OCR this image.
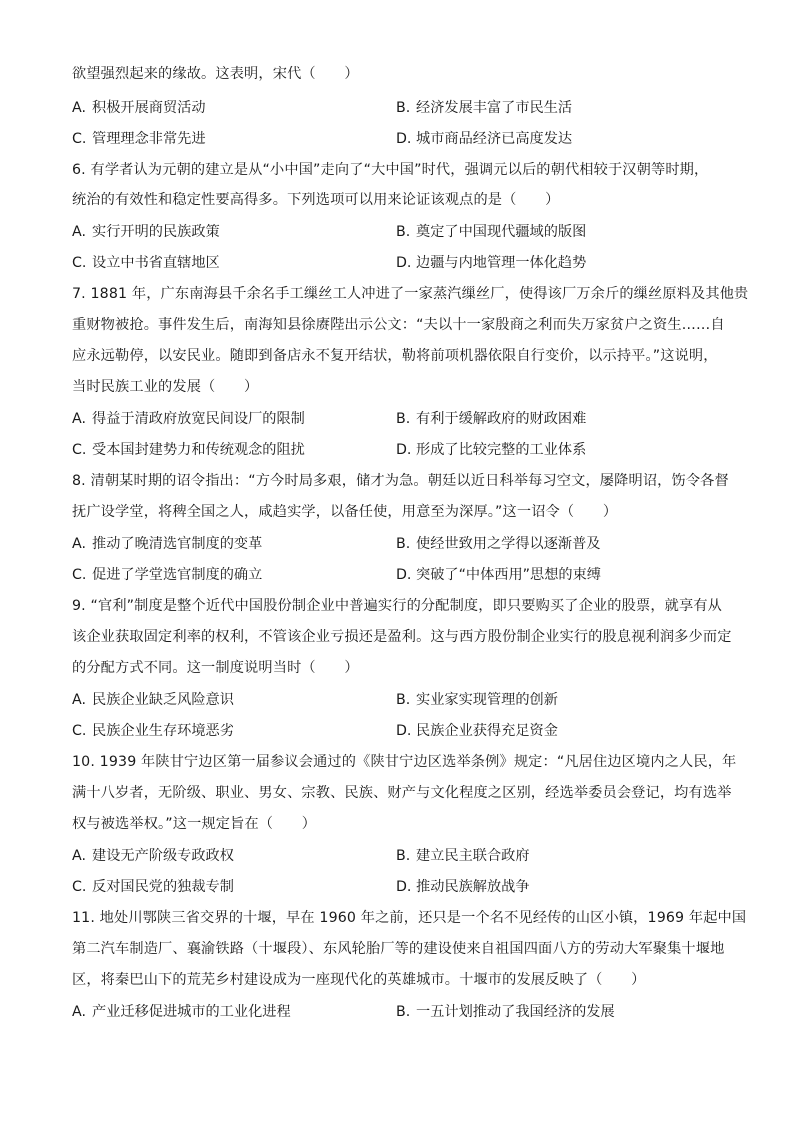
欲望强烈起来的缘故。这表明，宋代（　　）
A. 积极开展商贸活动	B. 经济发展丰富了市民生活
C. 管理理念非常先进	D. 城市商品经济已高度发达
6. 有学者认为元朝的建立是从“小中国”走向了“大中国”时代，强调元以后的朝代相较于汉朝等时期，
统治的有效性和稳定性要高得多。下列选项可以用来论证该观点的是（　　）
A. 实行开明的民族政策	B. 奠定了中国现代疆域的版图
C. 设立中书省直辖地区	D. 边疆与内地管理一体化趋势
7. 1881 年，广东南海县千余名手工缫丝工人冲进了一家蒸汽缫丝厂，使得该厂万余斤的缫丝原料及其他贵
重财物被抢。事件发生后，南海知县徐赓陛出示公文：“夫以十一家殷商之利而失万家贫户之资生……自
应永远勒停，以安民业。随即到备店永不复开结状，勒将前项机器依限自行变价，以示持平。”这说明，
当时民族工业的发展（　　）
A. 得益于清政府放宽民间设厂的限制	B. 有利于缓解政府的财政困难
C. 受本国封建势力和传统观念的阻扰	D. 形成了比较完整的工业体系
8. 清朝某时期的诏令指出：“方今时局多艰，储才为急。朝廷以近日科举每习空文，屡降明诏，饬令各督
抚广设学堂，将稗全国之人，咸趋实学，以备任使，用意至为深厚。”这一诏令（　　）
A. 推动了晚清选官制度的变革	B. 使经世致用之学得以逐渐普及
C. 促进了学堂选官制度的确立	D. 突破了“中体西用”思想的束缚
9. “官利”制度是整个近代中国股份制企业中普遍实行的分配制度，即只要购买了企业的股票，就享有从
该企业获取固定利率的权利，不管该企业亏损还是盈利。这与西方股份制企业实行的股息视利润多少而定
的分配方式不同。这一制度说明当时（　　）
A. 民族企业缺乏风险意识	B. 实业家实现管理的创新
C. 民族企业生存环境恶劣	D. 民族企业获得充足资金
10. 1939 年陕甘宁边区第一届参议会通过的《陕甘宁边区选举条例》规定：“凡居住边区境内之人民，年
满十八岁者，无阶级、职业、男女、宗教、民族、财产与文化程度之区别，经选举委员会登记，均有选举
权与被选举权。”这一规定旨在（　　）
A. 建设无产阶级专政政权	B. 建立民主联合政府
C. 反对国民党的独裁专制	D. 推动民族解放战争
11. 地处川鄂陕三省交界的十堰，早在 1960 年之前，还只是一个名不见经传的山区小镇，1969 年起中国
第二汽车制造厂、襄渝铁路（十堰段）、东风轮胎厂等的建设使来自祖国四面八方的劳动大军聚集十堰地
区，将秦巴山下的荒芜乡村建设成为一座现代化的英雄城市。十堰市的发展反映了（　　）
A. 产业迁移促进城市的工业化进程	B. 一五计划推动了我国经济的发展
